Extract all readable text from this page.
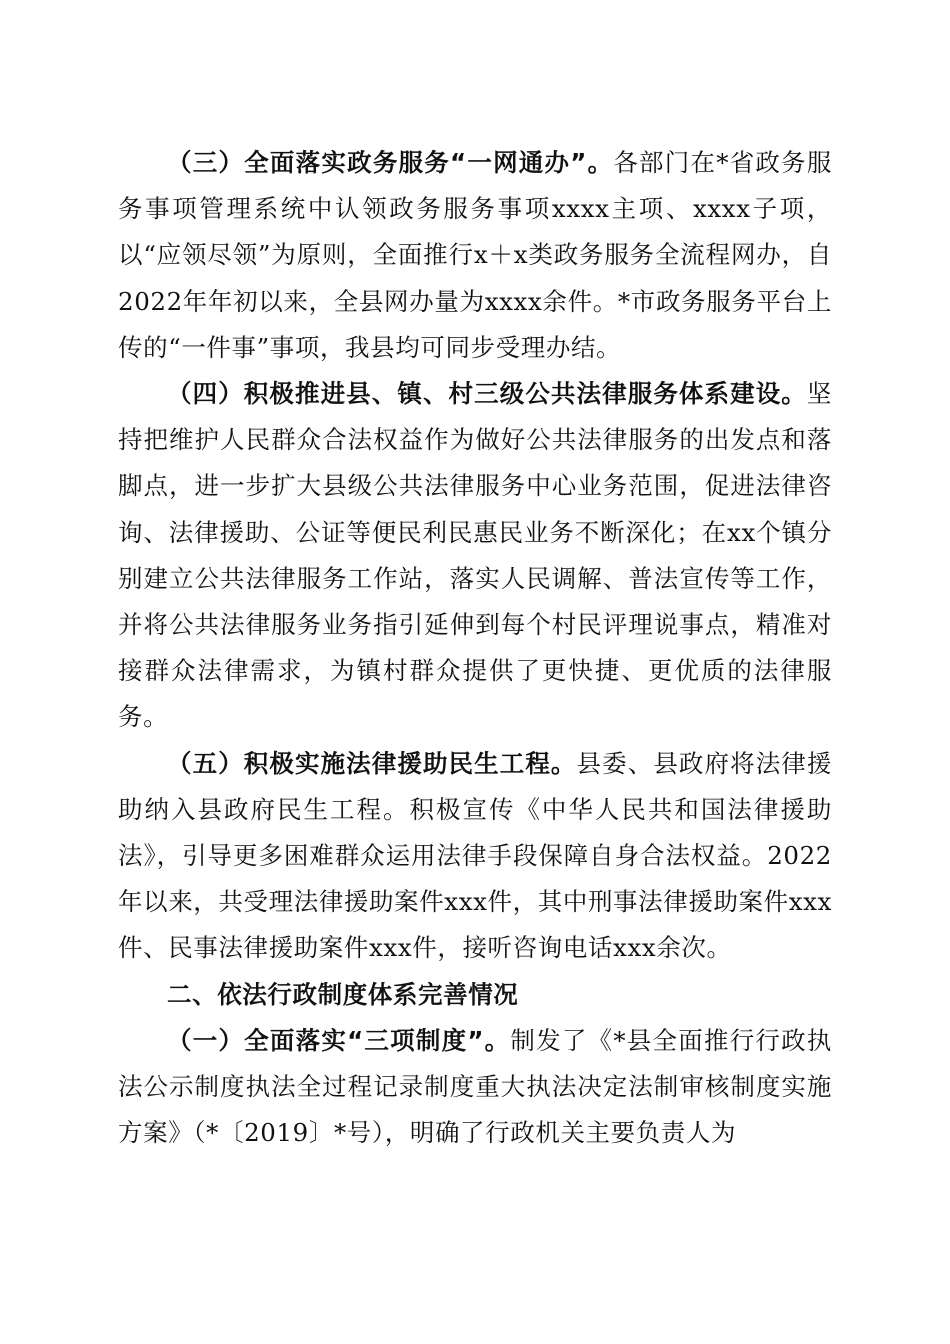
（三）全面落实政务服务“一网通办”。各部门在*省政务服务事项管理系统中认领政务服务事项xxxx主项、xxxx子项，以“应领尽领”为原则，全面推行x＋x类政务服务全流程网办，自2022年年初以来，全县网办量为xxxx余件。*市政务服务平台上传的“一件事”事项，我县均可同步受理办结。

（四）积极推进县、镇、村三级公共法律服务体系建设。坚持把维护人民群众合法权益作为做好公共法律服务的出发点和落脚点，进一步扩大县级公共法律服务中心业务范围，促进法律咨询、法律援助、公证等便民利民惠民业务不断深化；在xx个镇分别建立公共法律服务工作站，落实人民调解、普法宣传等工作，并将公共法律服务业务指引延伸到每个村民评理说事点，精准对接群众法律需求，为镇村群众提供了更快捷、更优质的法律服务。

（五）积极实施法律援助民生工程。县委、县政府将法律援助纳入县政府民生工程。积极宣传《中华人民共和国法律援助法》，引导更多困难群众运用法律手段保障自身合法权益。2022年以来，共受理法律援助案件xxx件，其中刑事法律援助案件xxx件、民事法律援助案件xxx件，接听咨询电话xxx余次。

二、依法行政制度体系完善情况

（一）全面落实“三项制度”。制发了《*县全面推行行政执法公示制度执法全过程记录制度重大执法决定法制审核制度实施方案》（*〔2019〕*号），明确了行政机关主要负责人为
